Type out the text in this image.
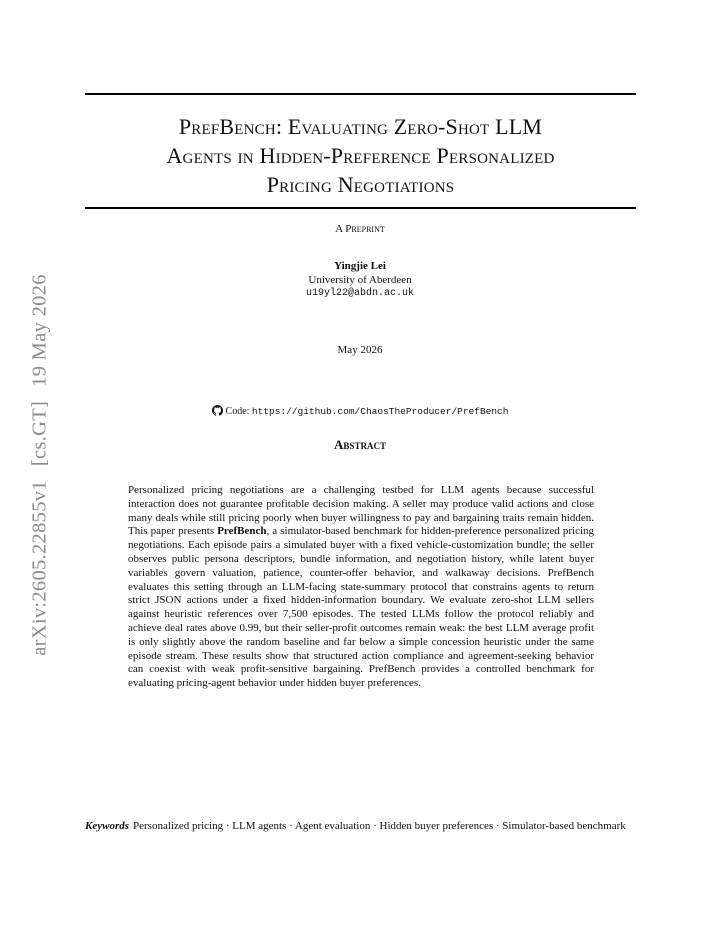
arXiv:2605.22855v1[cs.GT]19 May 2026
PrefBench: Evaluating Zero-Shot LLM
Agents in Hidden-Preference Personalized
Pricing Negotiations
A Preprint
Yingjie Lei
University of Aberdeen
u19yl22@abdn.ac.uk
May 2026
Code: https://github.com/ChaosTheProducer/PrefBench
Abstract
Personalized pricing negotiations are a challenging testbed for LLM agents because successful interaction does not guarantee profitable decision making. A seller may produce valid actions and close many deals while still pricing poorly when buyer willingness to pay and bargaining traits remain hidden. This paper presents PrefBench, a simulator-based benchmark for hidden-preference personalized pricing negotiations. Each episode pairs a simulated buyer with a fixed vehicle-customization bundle; the seller observes public persona descriptors, bundle information, and negotiation history, while latent buyer variables govern valuation, patience, counter-offer behavior, and walkaway decisions. PrefBench evaluates this setting through an LLM-facing state-summary protocol that constrains agents to return strict JSON actions under a fixed hidden-information boundary. We evaluate zero-shot LLM sellers against heuristic references over 7,500 episodes. The tested LLMs follow the protocol reliably and achieve deal rates above 0.99, but their seller-profit outcomes remain weak: the best LLM average profit is only slightly above the random baseline and far below a simple concession heuristic under the same episode stream. These results show that structured action compliance and agreement-seeking behavior can coexist with weak profit-sensitive bargaining. PrefBench provides a controlled benchmark for evaluating pricing-agent behavior under hidden buyer preferences.
Keywords Personalized pricing · LLM agents · Agent evaluation · Hidden buyer preferences · Simulator-based benchmark
